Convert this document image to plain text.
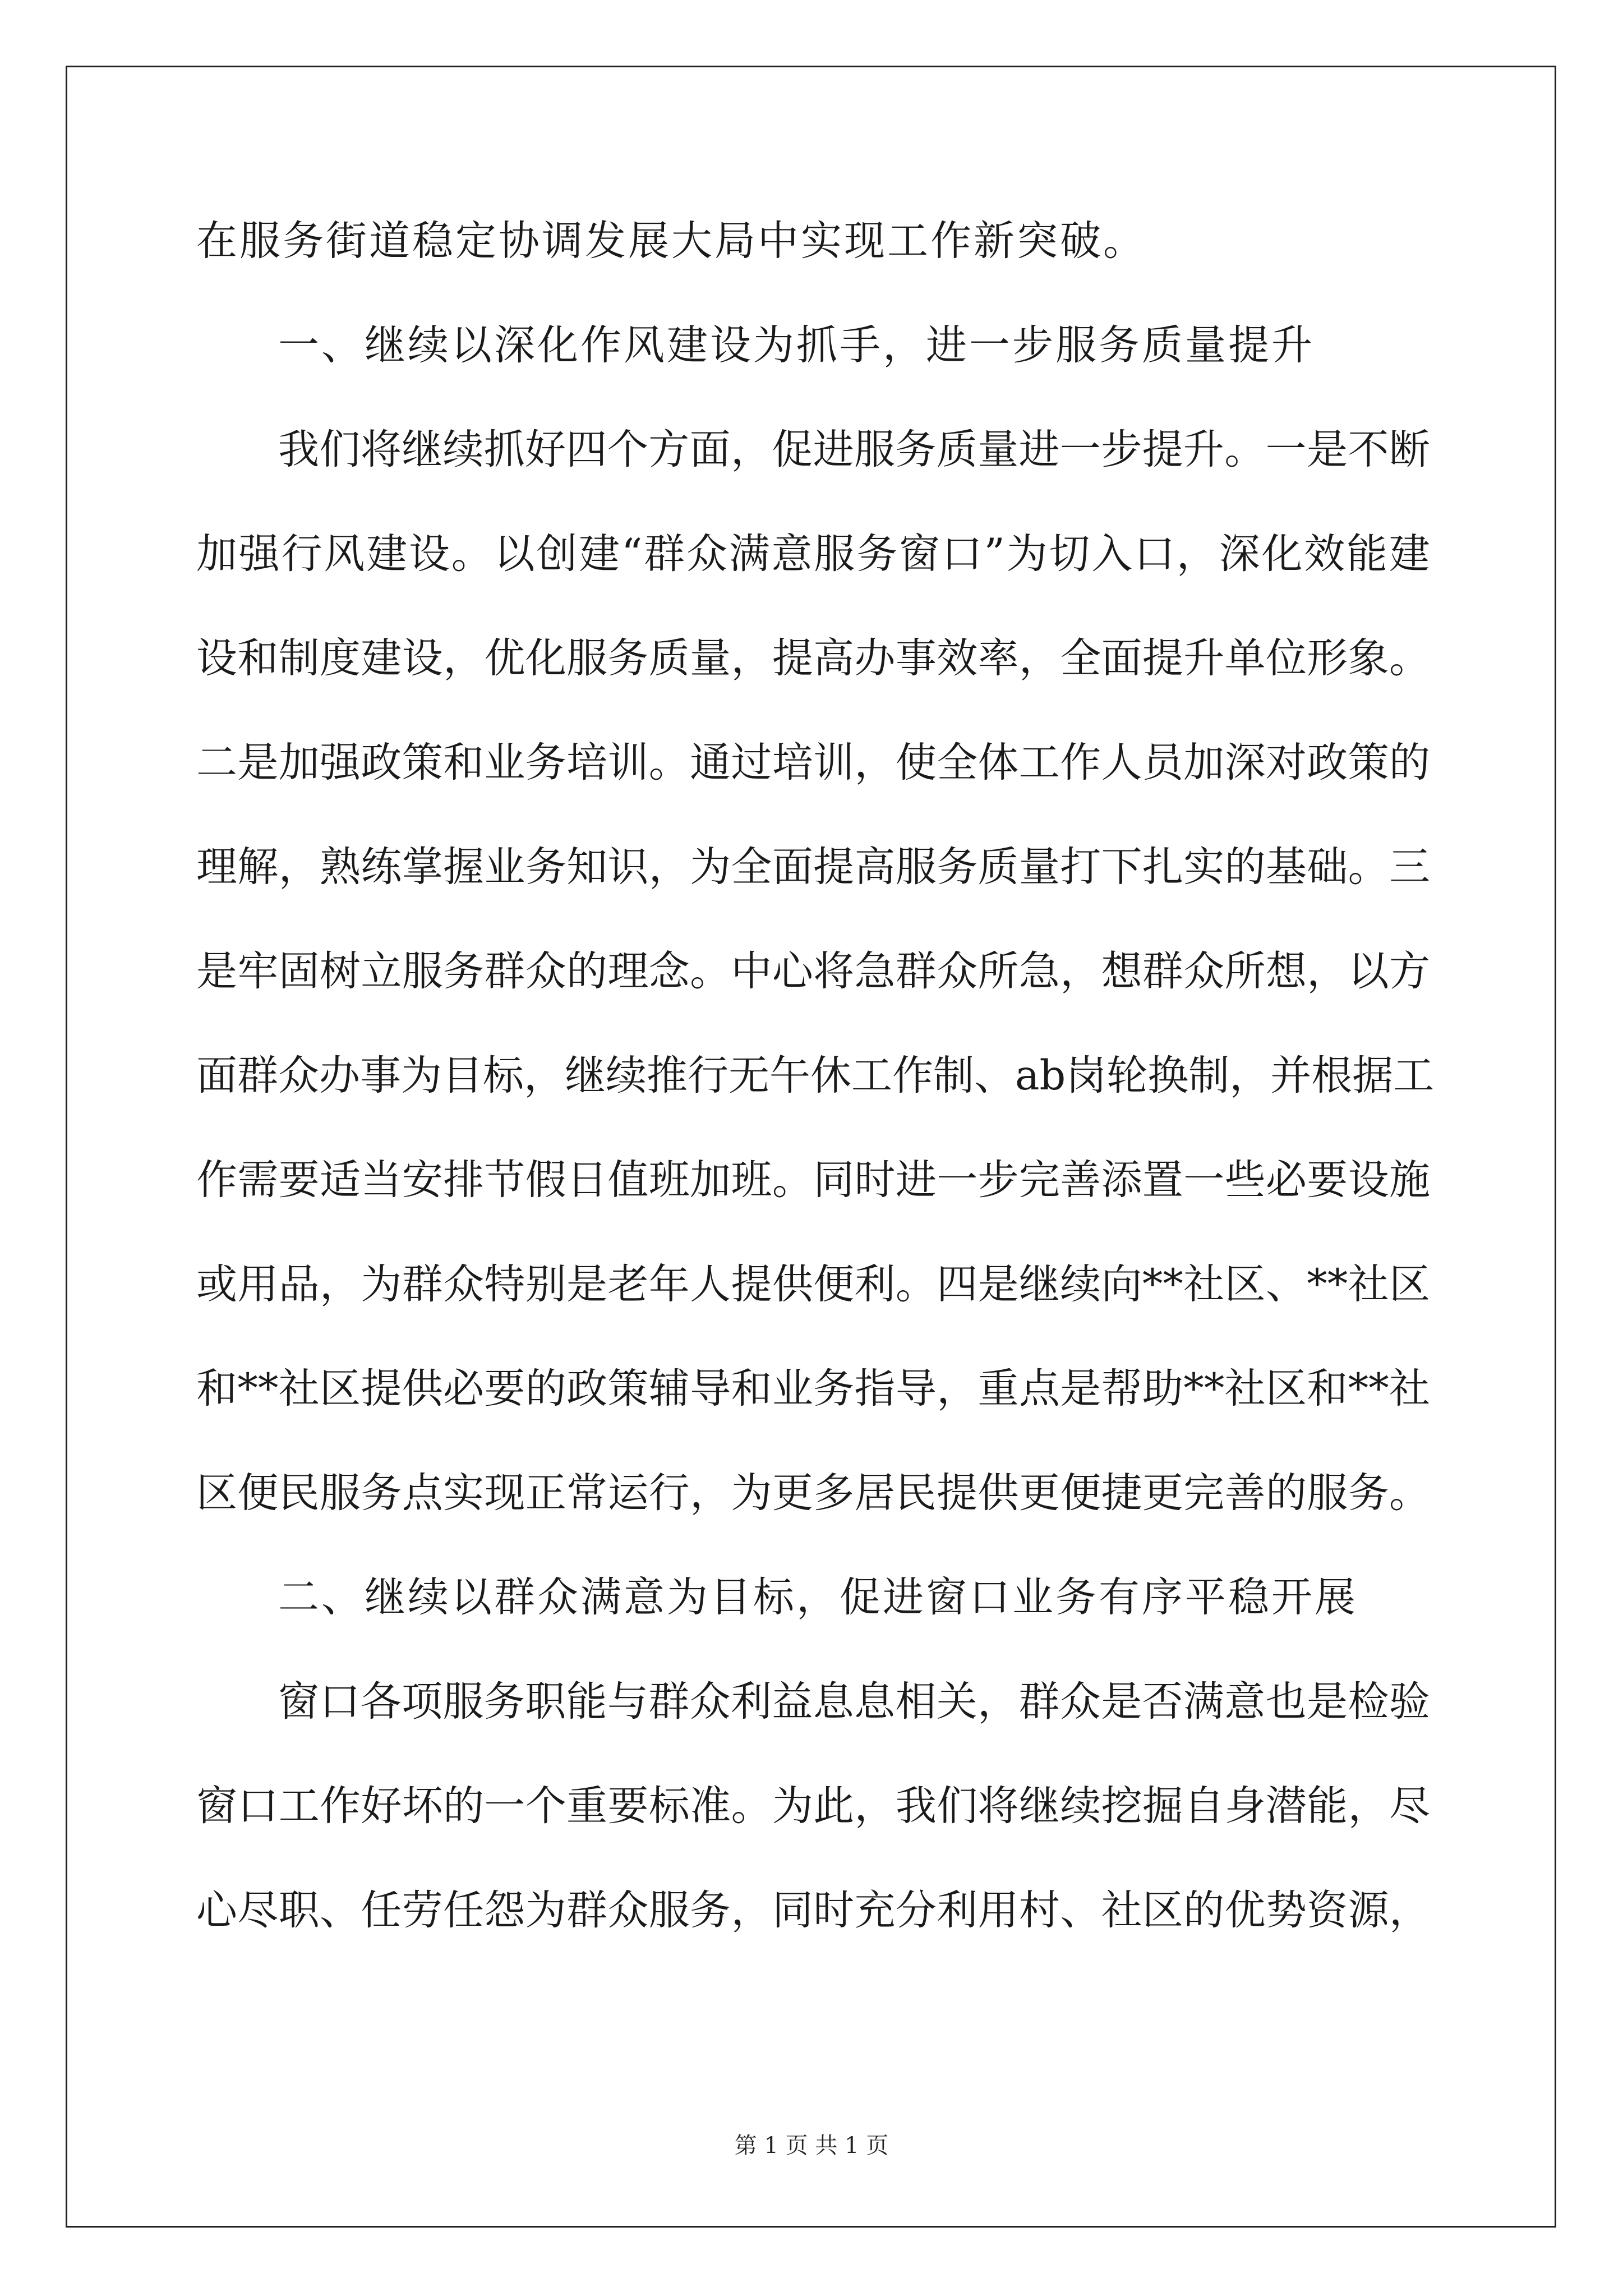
在服务街道稳定协调发展大局中实现工作新突破。
一、继续以深化作风建设为抓手，进一步服务质量提升
我 们 将 继 续 抓 好 四 个 方 面 ， 促 进 服 务 质 量 进 一 步 提 升 。 一 是 不 断
加 强 行 风 建 设 。 以 创 建 “ 群 众 满 意 服 务 窗 口 ” 为 切 入 口 ， 深 化 效 能 建
设 和 制 度 建 设 ， 优 化 服 务 质 量 ， 提 高 办 事 效 率 ， 全 面 提 升 单 位 形 象 。
二 是 加 强 政 策 和 业 务 培 训 。 通 过 培 训 ， 使 全 体 工 作 人 员 加 深 对 政 策 的
理 解 ， 熟 练 掌 握 业 务 知 识 ， 为 全 面 提 高 服 务 质 量 打 下 扎 实 的 基 础 。 三
是 牢 固 树 立 服 务 群 众 的 理 念 。 中 心 将 急 群 众 所 急 ， 想 群 众 所 想 ， 以 方
面 群 众 办 事 为 目 标 ， 继 续 推 行 无 午 休 工 作 制 、 ab 岗 轮 换 制 ， 并 根 据 工
作 需 要 适 当 安 排 节 假 日 值 班 加 班 。 同 时 进 一 步 完 善 添 置 一 些 必 要 设 施
或 用 品 ， 为 群 众 特 别 是 老 年 人 提 供 便 利 。 四 是 继 续 向 ** 社 区 、 ** 社 区
和 ** 社 区 提 供 必 要 的 政 策 辅 导 和 业 务 指 导 ， 重 点 是 帮 助 ** 社 区 和 ** 社
区 便 民 服 务 点 实 现 正 常 运 行 ， 为 更 多 居 民 提 供 更 便 捷 更 完 善 的 服 务 。
二、继续以群众满意为目标，促进窗口业务有序平稳开展
窗 口 各 项 服 务 职 能 与 群 众 利 益 息 息 相 关 ， 群 众 是 否 满 意 也 是 检 验
窗 口 工 作 好 坏 的 一 个 重 要 标 准 。 为 此 ， 我 们 将 继 续 挖 掘 自 身 潜 能 ， 尽
心 尽 职 、 任 劳 任 怨 为 群 众 服 务 ， 同 时 充 分 利 用 村 、 社 区 的 优 势 资 源 ，
第 1 页 共 1 页
